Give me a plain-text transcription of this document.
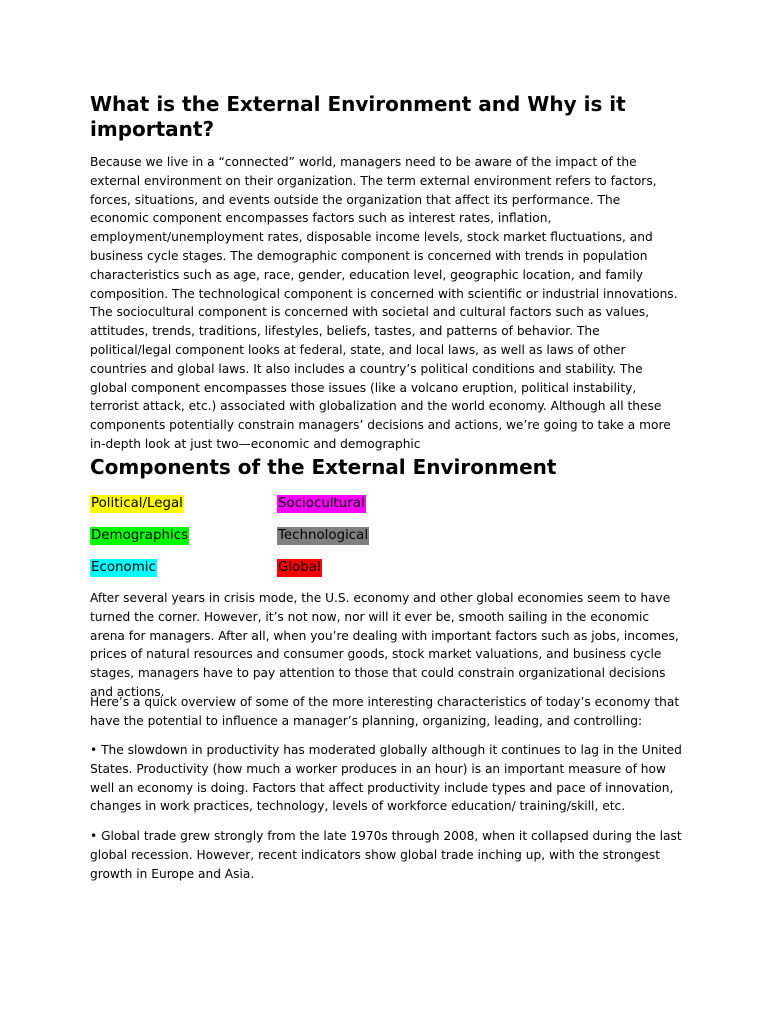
What is the External Environment and Why is it important?

Because we live in a “connected” world, managers need to be aware of the impact of the external environment on their organization. The term external environment refers to factors, forces, situations, and events outside the organization that affect its performance. The economic component encompasses factors such as interest rates, inflation, employment/unemployment rates, disposable income levels, stock market fluctuations, and business cycle stages. The demographic component is concerned with trends in population characteristics such as age, race, gender, education level, geographic location, and family composition. The technological component is concerned with scientific or industrial innovations. The sociocultural component is concerned with societal and cultural factors such as values, attitudes, trends, traditions, lifestyles, beliefs, tastes, and patterns of behavior. The political/legal component looks at federal, state, and local laws, as well as laws of other countries and global laws. It also includes a country’s political conditions and stability. The global component encompasses those issues (like a volcano eruption, political instability, terrorist attack, etc.) associated with globalization and the world economy. Although all these components potentially constrain managers’ decisions and actions, we’re going to take a more in-depth look at just two—economic and demographic

Components of the External Environment
Political/Legal	Sociocultural
Demographics	Technological
Economic	Global

After several years in crisis mode, the U.S. economy and other global economies seem to have turned the corner. However, it’s not now, nor will it ever be, smooth sailing in the economic arena for managers. After all, when you’re dealing with important factors such as jobs, incomes, prices of natural resources and consumer goods, stock market valuations, and business cycle stages, managers have to pay attention to those that could constrain organizational decisions and actions.

Here’s a quick overview of some of the more interesting characteristics of today’s economy that have the potential to influence a manager’s planning, organizing, leading, and controlling:

• The slowdown in productivity has moderated globally although it continues to lag in the United States. Productivity (how much a worker produces in an hour) is an important measure of how well an economy is doing. Factors that affect productivity include types and pace of innovation, changes in work practices, technology, levels of workforce education/ training/skill, etc.

• Global trade grew strongly from the late 1970s through 2008, when it collapsed during the last global recession. However, recent indicators show global trade inching up, with the strongest growth in Europe and Asia.
